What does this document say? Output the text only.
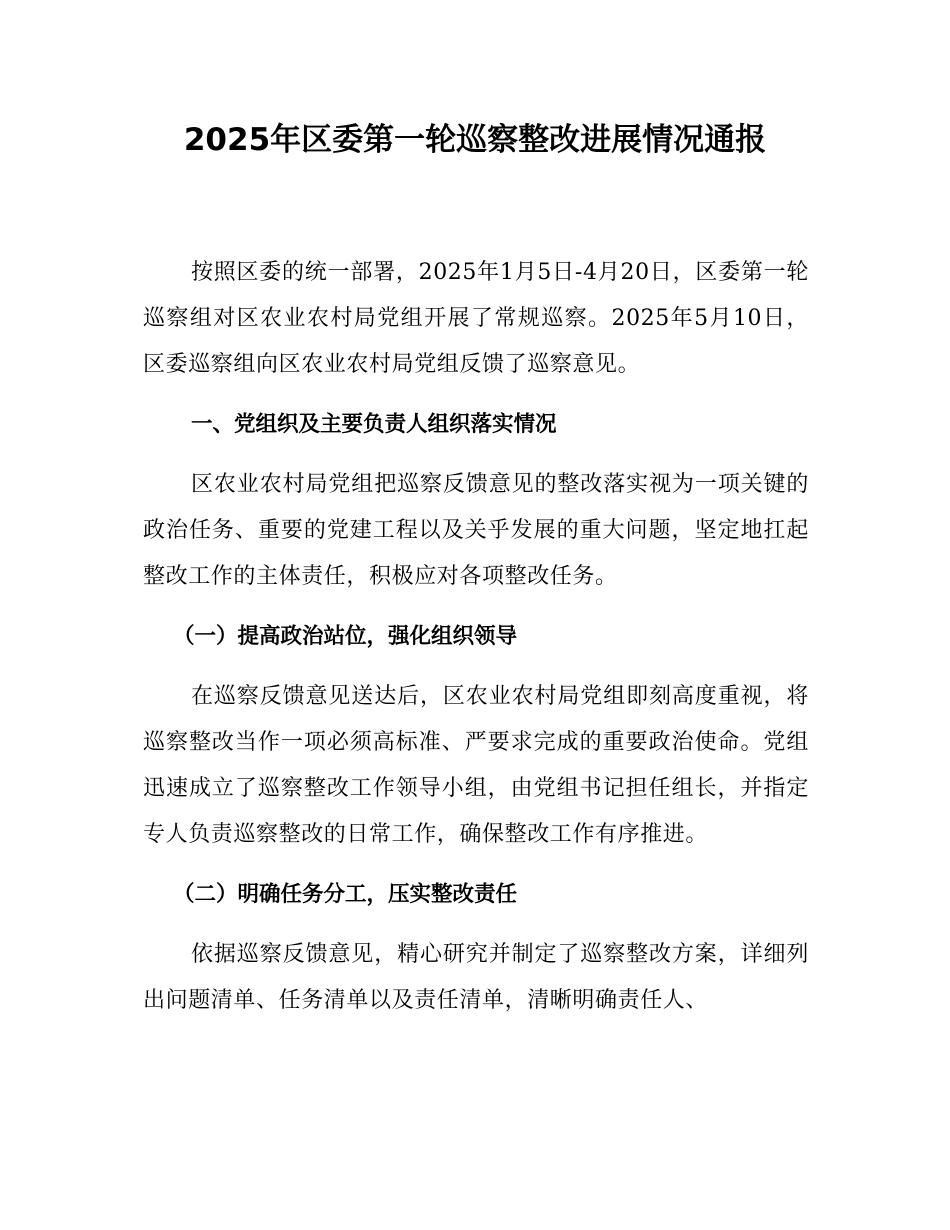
2025年区委第一轮巡察整改进展情况通报

按照区委的统一部署，2025年1月5日-4月20日，区委第一轮巡察组对区农业农村局党组开展了常规巡察。2025年5月10日，区委巡察组向区农业农村局党组反馈了巡察意见。

一、党组织及主要负责人组织落实情况

区农业农村局党组把巡察反馈意见的整改落实视为一项关键的政治任务、重要的党建工程以及关乎发展的重大问题，坚定地扛起整改工作的主体责任，积极应对各项整改任务。

（一）提高政治站位，强化组织领导

在巡察反馈意见送达后，区农业农村局党组即刻高度重视，将巡察整改当作一项必须高标准、严要求完成的重要政治使命。党组迅速成立了巡察整改工作领导小组，由党组书记担任组长，并指定专人负责巡察整改的日常工作，确保整改工作有序推进。

（二）明确任务分工，压实整改责任

依据巡察反馈意见，精心研究并制定了巡察整改方案，详细列出问题清单、任务清单以及责任清单，清晰明确责任人、
